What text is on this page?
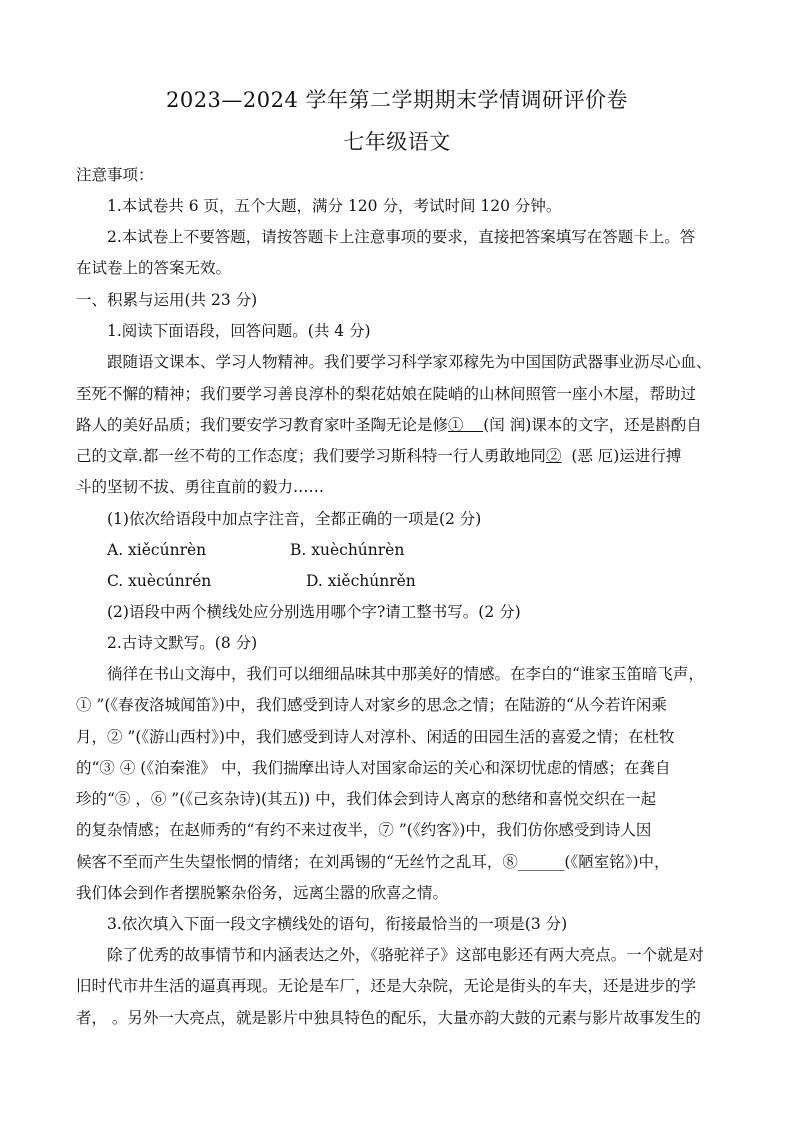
2023—2024 学年第二学期期末学情调研评价卷
七年级语文
注意事项：
1.本试卷共 6 页，五个大题，满分 120 分，考试时间 120 分钟。
2.本试卷上不要答题，请按答题卡上注意事项的要求，直接把答案填写在答题卡上。答
在试卷上的答案无效。
一、积累与运用(共 23 分)
1.阅读下面语段，回答问题。(共 4 分)
跟随语文课本、学习人物精神。我们要学习科学家邓稼先为中国国防武器事业沥尽心血、
至死不懈的精神；我们要学习善良淳朴的梨花姑娘在陡峭的山林间照管一座小木屋，帮助过
路人的美好品质；我们要安学习教育家叶圣陶无论是修① (闰 润)课本的文字，还是斟酌自
己的文章.都一丝不苟的工作态度；我们要学习斯科特一行人勇敢地同② (恶 厄)运进行搏
斗的坚韧不拔、勇往直前的毅力……
(1)依次给语段中加点字注音，全都正确的一项是(2 分)
A. xiěcúnrèn	B. xuèchúnrèn
C. xuècúnrén	D. xiěchúnrěn
(2)语段中两个横线处应分别选用哪个字?请工整书写。(2 分)
2.古诗文默写。(8 分)
徜徉在书山文海中，我们可以细细品味其中那美好的情感。在李白的“谁家玉笛暗飞声，
① ”(《春夜洛城闻笛》)中，我们感受到诗人对家乡的思念之情；在陆游的“从今若许闲乘
月，② ”(《游山西村》)中，我们感受到诗人对淳朴、闲适的田园生活的喜爱之情；在杜牧
的“③ ④ (《泊秦淮》 中，我们揣摩出诗人对国家命运的关心和深切忧虑的情感；在龚自
珍的“⑤ ，⑥ ”(《己亥杂诗)(其五)) 中，我们体会到诗人离京的愁绪和喜悦交织在一起
的复杂情感；在赵师秀的“有约不来过夜半，⑦ ”(《约客》)中，我们仿你感受到诗人因
候客不至而产生失望怅惘的情绪；在刘禹锡的“无丝竹之乱耳，⑧______(《陋室铭》)中，
我们体会到作者摆脱繁杂俗务，远离尘嚣的欣喜之情。
3.依次填入下面一段文字横线处的语句，衔接最恰当的一项是(3 分)
除了优秀的故事情节和内涵表达之外，《骆驼祥子》这部电影还有两大亮点。一个就是对
旧时代市井生活的逼真再现。无论是车厂，还是大杂院，无论是街头的车夫，还是进步的学
者， 。另外一大亮点，就是影片中独具特色的配乐，大量亦韵大鼓的元素与影片故事发生的
